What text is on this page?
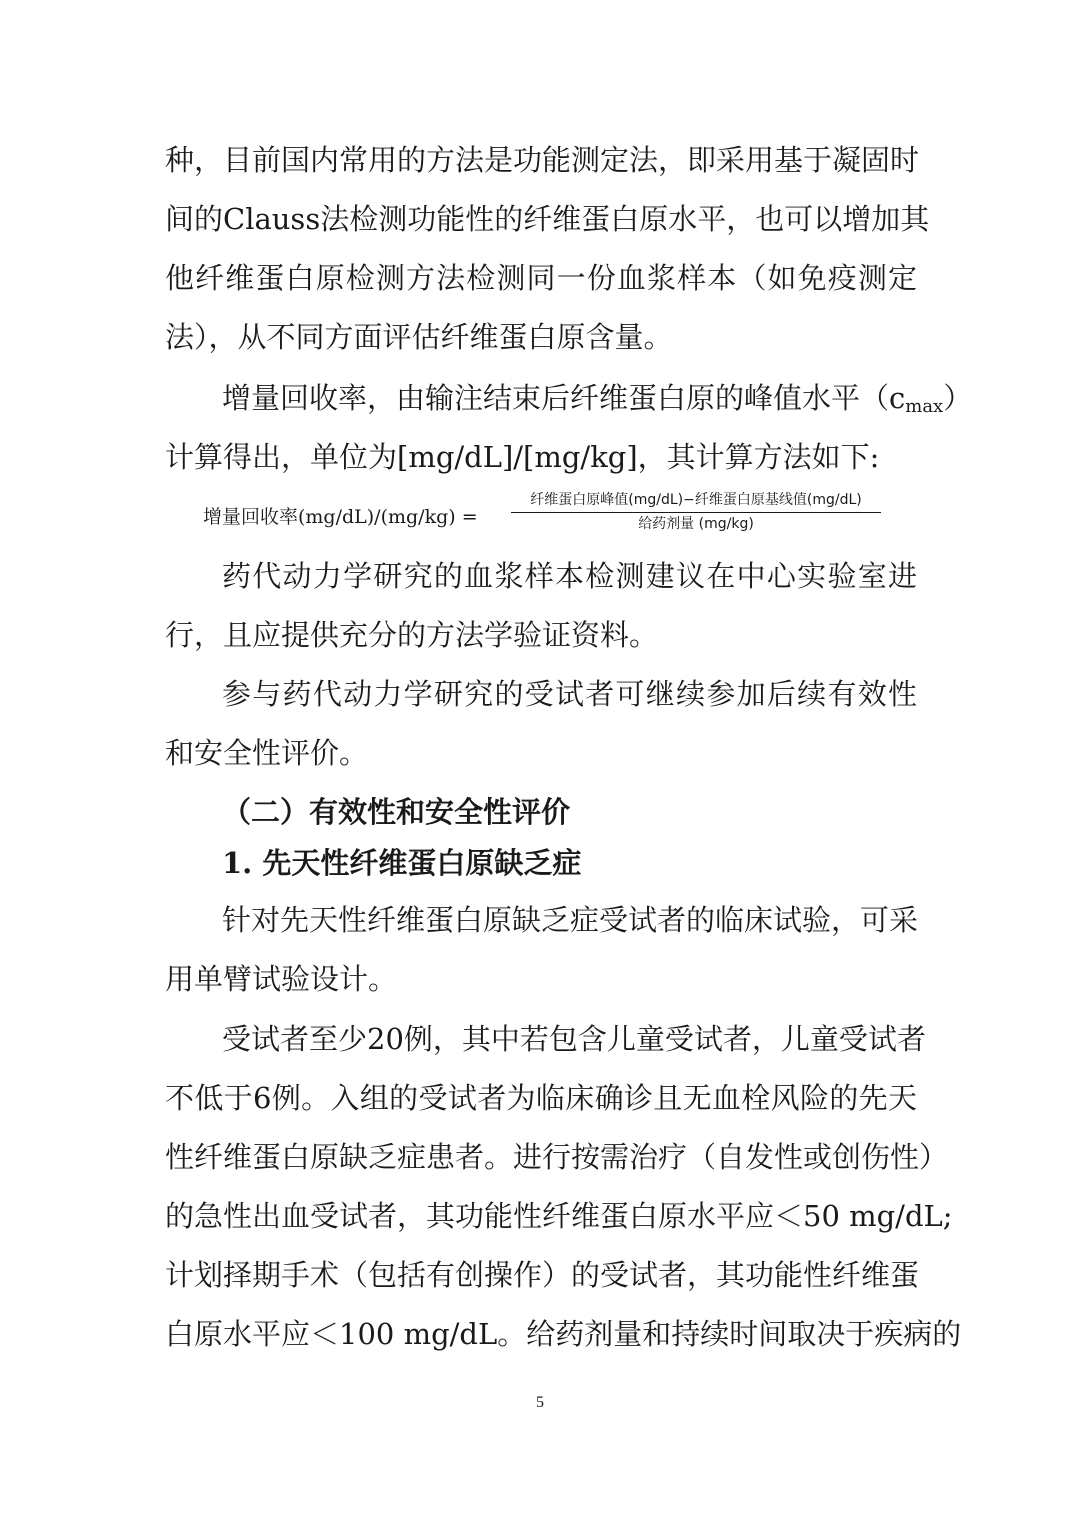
种，目前国内常用的方法是功能测定法，即采用基于凝固时
间的Clauss法检测功能性的纤维蛋白原水平，也可以增加其
他纤维蛋白原检测方法检测同一份血浆样本（如免疫测定
法），从不同方面评估纤维蛋白原含量。
增量回收率，由输注结束后纤维蛋白原的峰值水平$(c_{max})$
计算得出，单位为[mg/dL]/[mg/kg]，其计算方法如下:
增量回收率(mg/dL)/(mg/kg) =
纤维蛋白原峰值(mg/dL)−纤维蛋白原基线值(mg/dL)
给药剂量 (mg/kg)
药代动力学研究的血浆样本检测建议在中心实验室进
行，且应提供充分的方法学验证资料。
参与药代动力学研究的受试者可继续参加后续有效性
和安全性评价。
（二）有效性和安全性评价
1. 先天性纤维蛋白原缺乏症
针对先天性纤维蛋白原缺乏症受试者的临床试验，可采
用单臂试验设计。
受试者至少20例，其中若包含儿童受试者，儿童受试者
不低于6例。入组的受试者为临床确诊且无血栓风险的先天
性纤维蛋白原缺乏症患者。进行按需治疗（自发性或创伤性）
的急性出血受试者，其功能性纤维蛋白原水平应＜50 mg/dL;
计划择期手术（包括有创操作）的受试者，其功能性纤维蛋
白原水平应＜100 mg/dL。给药剂量和持续时间取决于疾病的
5
